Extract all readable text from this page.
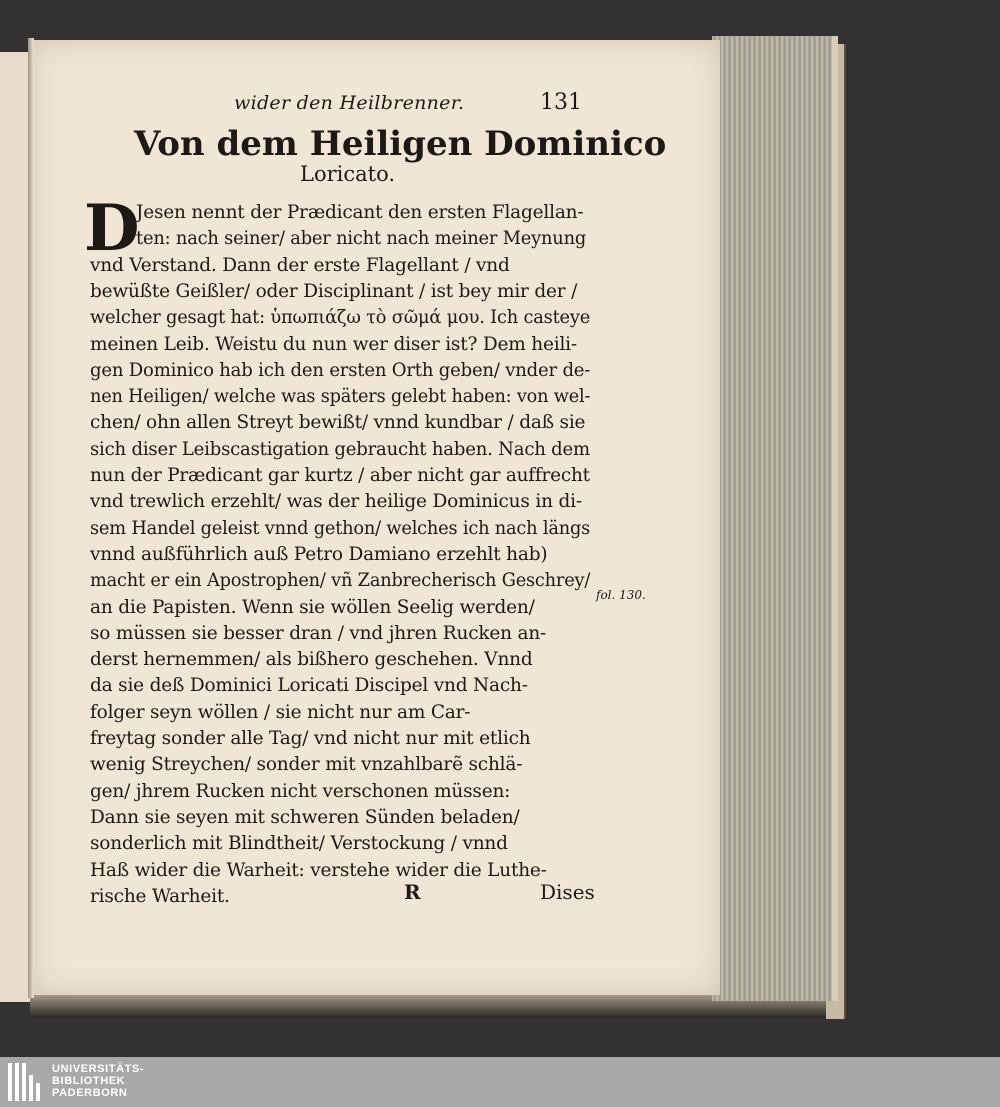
wider den Heilbrenner.	131
Von dem Heiligen Dominico
Loricato.
D
Jesen nennt der Prædicant den ersten Flagellan-
ten: nach seiner/ aber nicht nach meiner Meynung
vnd Verstand. Dann der erste Flagellant / vnd
bewüßte Geißler/ oder Disciplinant / ist bey mir der /
welcher gesagt hat: ὑπωπιάζω τὸ σῶμά μου. Ich casteye
meinen Leib. Weistu du nun wer diser ist? Dem heili-
gen Dominico hab ich den ersten Orth geben/ vnder de-
nen Heiligen/ welche was späters gelebt haben: von wel-
chen/ ohn allen Streyt bewißt/ vnnd kundbar / daß sie
sich diser Leibscastigation gebraucht haben. Nach dem
nun der Prædicant gar kurtz / aber nicht gar auffrecht
vnd trewlich erzehlt/ was der heilige Dominicus in di-
sem Handel geleist vnnd gethon/ welches ich nach längs
vnnd außführlich auß Petro Damiano erzehlt hab)
macht er ein Apostrophen/ vñ Zanbrecherisch Geschrey/
an die Papisten. Wenn sie wöllen Seelig werden/
so müssen sie besser dran / vnd jhren Rucken an-
derst hernemmen/ als bißhero geschehen. Vnnd
da sie deß Dominici Loricati Discipel vnd Nach-
folger seyn wöllen / sie nicht nur am Car-
freytag sonder alle Tag/ vnd nicht nur mit etlich
wenig Streychen/ sonder mit vnzahlbarẽ schlä-
gen/ jhrem Rucken nicht verschonen müssen:
Dann sie seyen mit schweren Sünden beladen/
sonderlich mit Blindtheit/ Verstockung / vnnd
Haß wider die Warheit: verstehe wider die Luthe-
rische Warheit.
fol. 130.
R	Dises
UNIVERSITÄTS-
BIBLIOTHEK
PADERBORN
